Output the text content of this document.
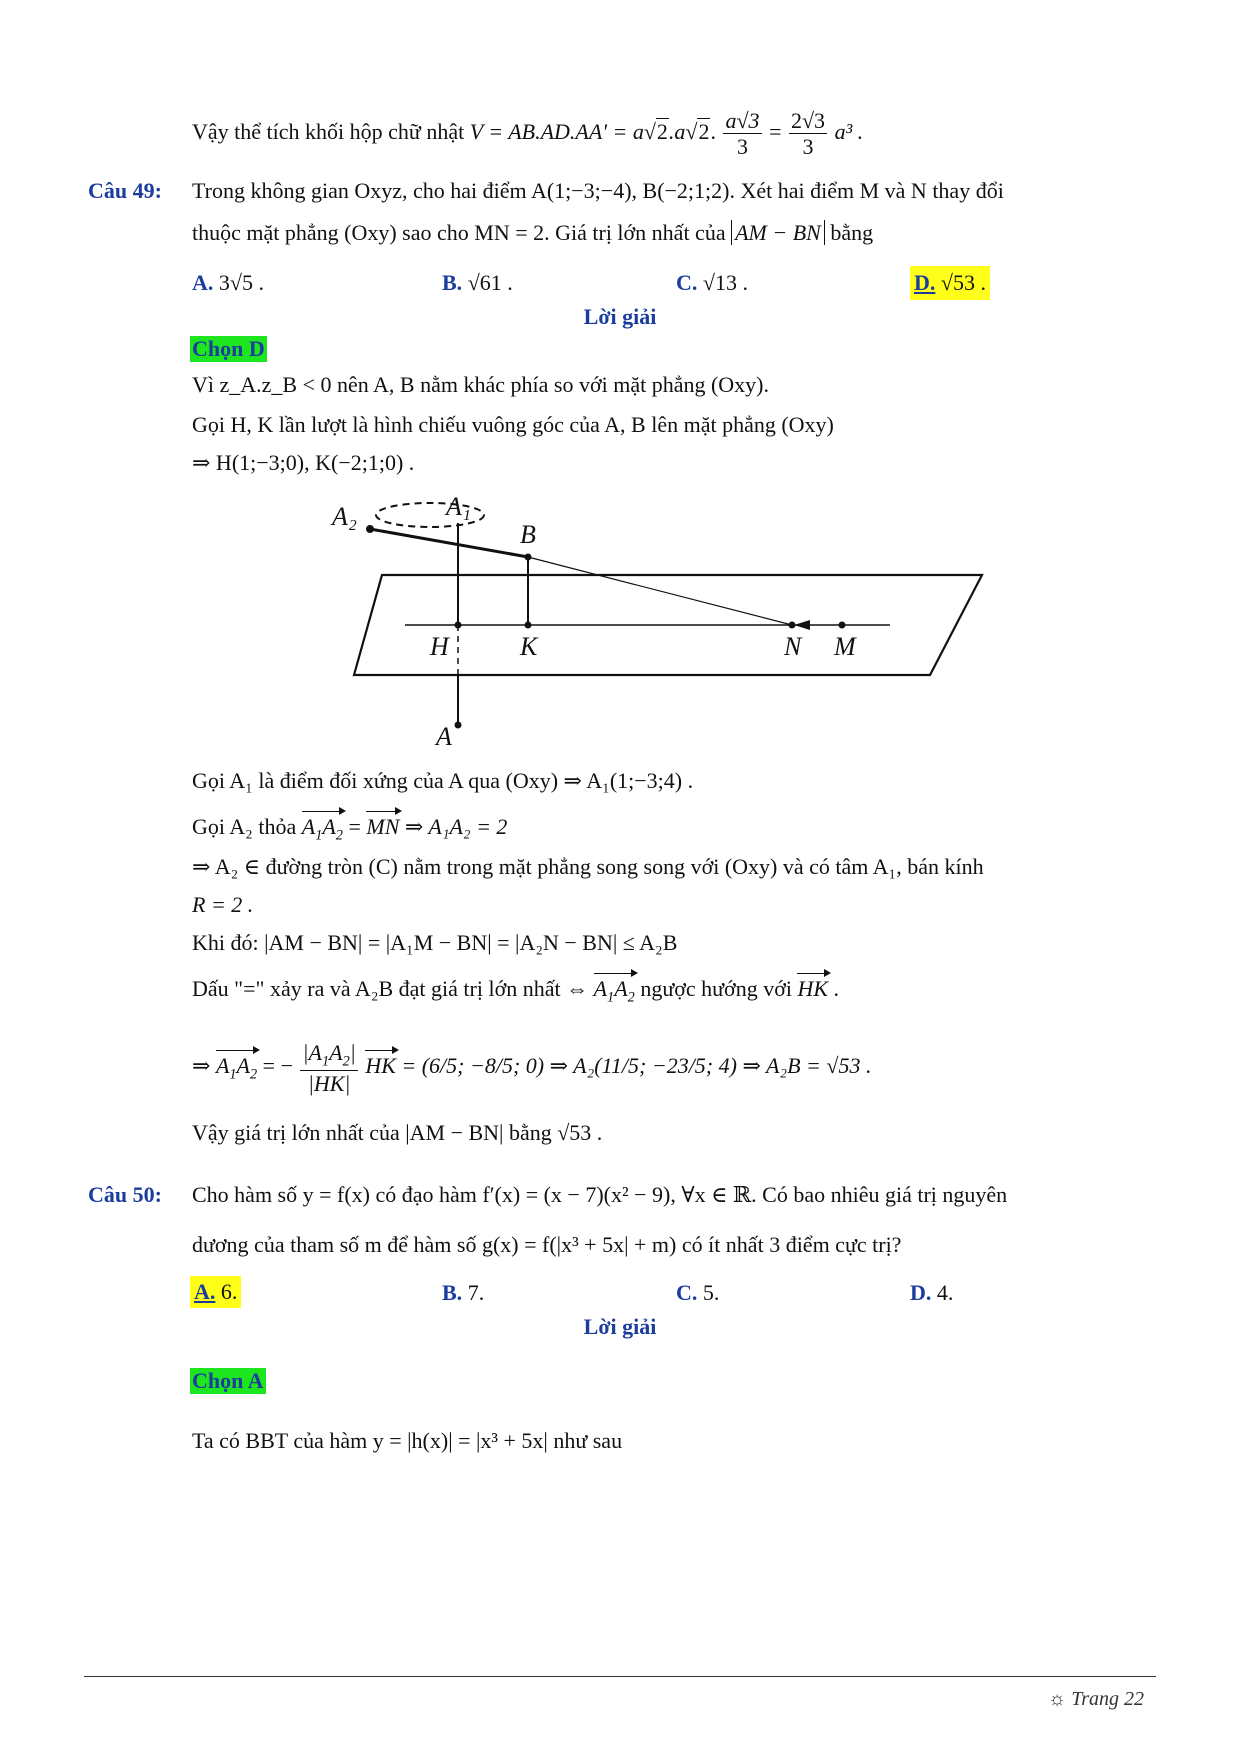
Vậy thể tích khối hộp chữ nhật V = AB.AD.AA' = a√2.a√2. $\frac{a√3}{3} = \frac{2√3}{3} a^3$ .
Câu 49: Trong không gian Oxyz, cho hai điểm A(1;−3;−4), B(−2;1;2). Xét hai điểm M và N thay đổi
thuộc mặt phẳng (Oxy) sao cho MN = 2. Giá trị lớn nhất của AM − BN bằng
A. 3√5 .	B. √61 .	C. √13 .	D. √53 .
Lời giải
Chọn D
Vì z_A.z_B < 0 nên A, B nằm khác phía so với mặt phẳng (Oxy).
Gọi H, K lần lượt là hình chiếu vuông góc của A, B lên mặt phẳng (Oxy)
⇒ H(1;−3;0), K(−2;1;0) .
A₂	A₁
B
H	K	N M
A
Gọi A₁ là điểm đối xứng của A qua (Oxy) ⇒ A₁(1;−3;4) .
Gọi A₂ thỏa $A_1A_2$ = MN ⇒ A₁A₂ = 2
⇒ A₂ ∈ đường tròn (C) nằm trong mặt phẳng song song với (Oxy) và có tâm A₁, bán kính
R = 2 .
Khi đó: |AM − BN| = |A₁M − BN| = |A₂N − BN| ≤ A₂B
Dấu "=" xảy ra và A₂B đạt giá trị lớn nhất ⇔ $A_1A_2$ ngược hướng với HK .
⇒ $A_1A_2$ = − $\frac{|A_1A_2|}{|HK|}$ HK = (6/5; −8/5; 0) ⇒ A₂(11/5; −23/5; 4) ⇒ A₂B = √53 .
Vậy giá trị lớn nhất của |AM − BN| bằng √53 .
Câu 50: Cho hàm số y = f(x) có đạo hàm f′(x) = (x − 7)(x² − 9), ∀x ∈ ℝ. Có bao nhiêu giá trị nguyên
dương của tham số m để hàm số g(x) = f(|x³ + 5x| + m) có ít nhất 3 điểm cực trị?
A. 6.	B. 7.	C. 5.	D. 4.
Lời giải
Chọn A
Ta có BBT của hàm y = |h(x)| = |x³ + 5x| như sau
☼ Trang 22
